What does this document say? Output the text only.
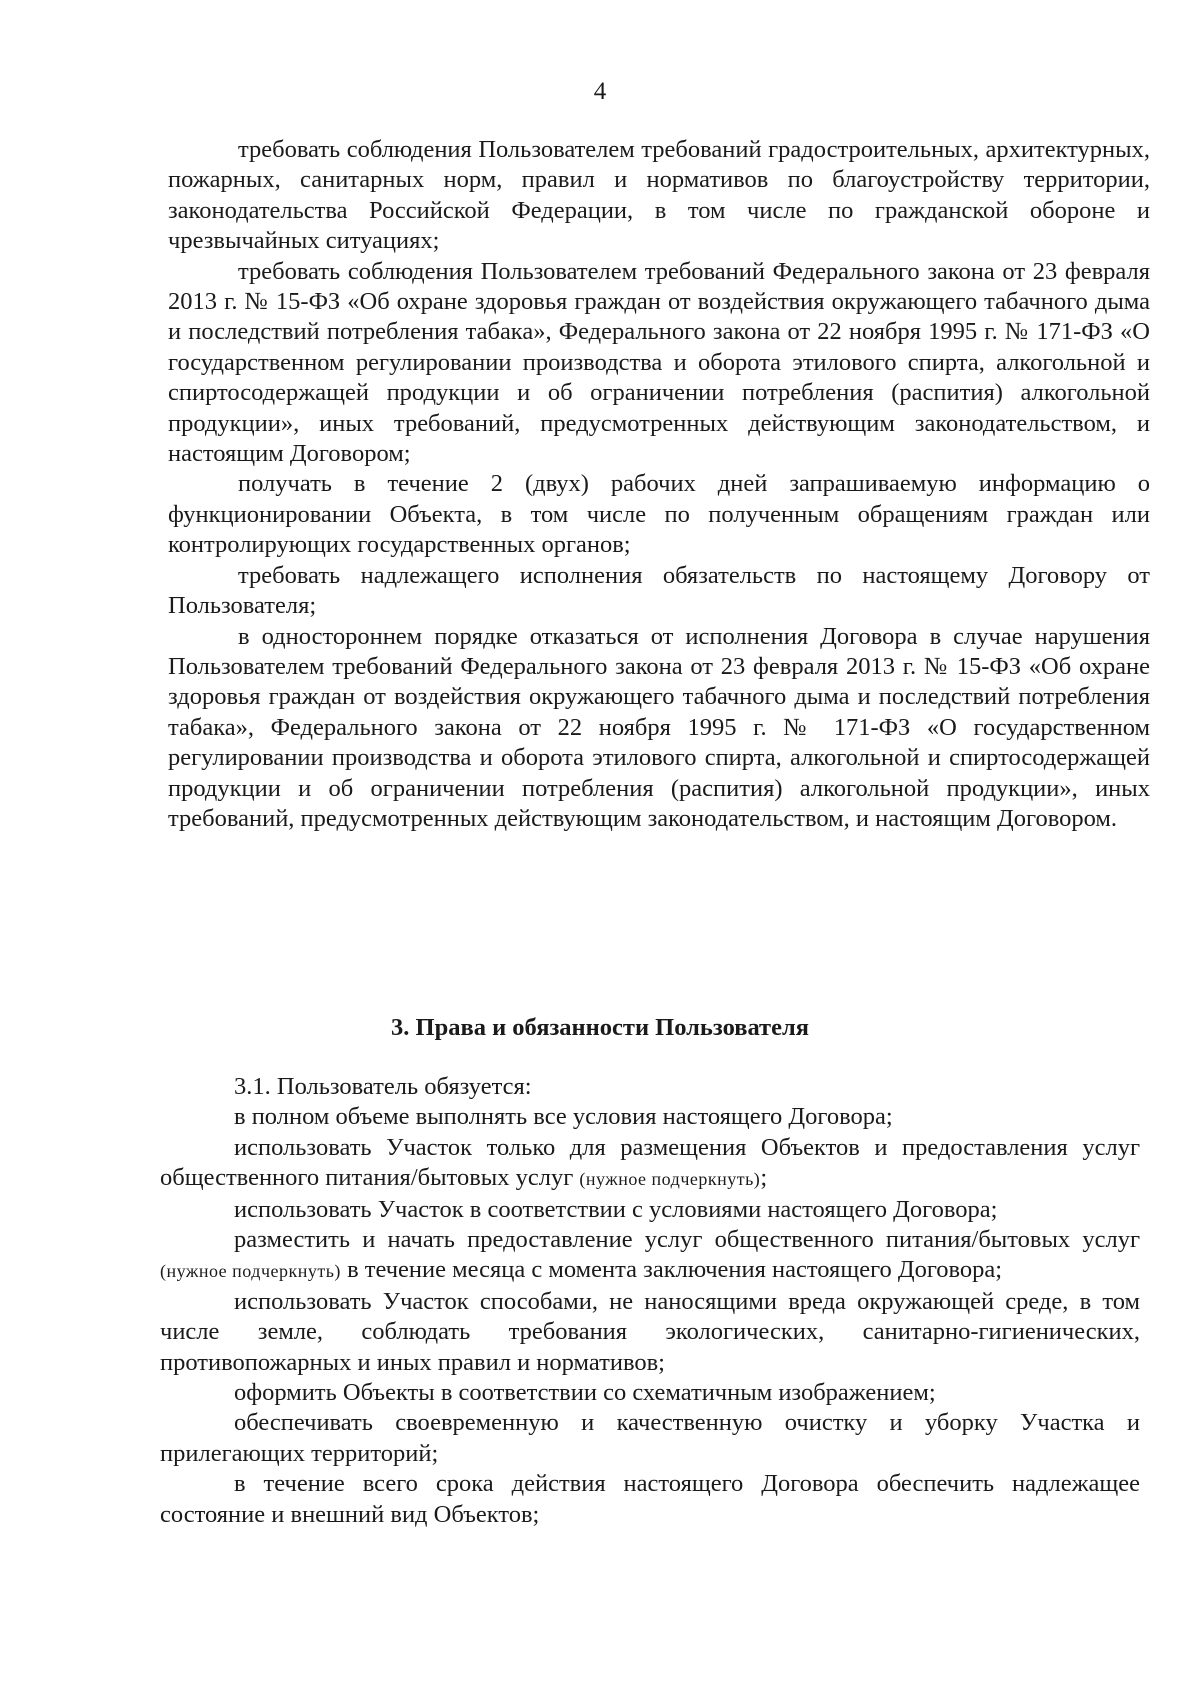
4

требовать соблюдения Пользователем требований градостроительных, архитектурных, пожарных, санитарных норм, правил и нормативов по благоустройству территории, законодательства Российской Федерации, в том числе по гражданской обороне и чрезвычайных ситуациях;

требовать соблюдения Пользователем требований Федерального закона от 23 февраля 2013 г. № 15-ФЗ «Об охране здоровья граждан от воздействия окружающего табачного дыма и последствий потребления табака», Федерального закона от 22 ноября 1995 г. № 171-ФЗ «О государственном регулировании производства и оборота этилового спирта, алкогольной и спиртосодержащей продукции и об ограничении потребления (распития) алкогольной продукции», иных требований, предусмотренных действующим законодательством, и настоящим Договором;

получать в течение 2 (двух) рабочих дней запрашиваемую информацию о функционировании Объекта, в том числе по полученным обращениям граждан или контролирующих государственных органов;

требовать надлежащего исполнения обязательств по настоящему Договору от Пользователя;

в одностороннем порядке отказаться от исполнения Договора в случае нарушения Пользователем требований Федерального закона от 23 февраля 2013 г. № 15-ФЗ «Об охране здоровья граждан от воздействия окружающего табачного дыма и последствий потребления табака», Федерального закона от 22 ноября 1995 г. № 171-ФЗ «О государственном регулировании производства и оборота этилового спирта, алкогольной и спиртосодержащей продукции и об ограничении потребления (распития) алкогольной продукции», иных требований, предусмотренных действующим законодательством, и настоящим Договором.

3. Права и обязанности Пользователя

3.1. Пользователь обязуется:

в полном объеме выполнять все условия настоящего Договора;

использовать Участок только для размещения Объектов и предоставления услуг общественного питания/бытовых услуг (нужное подчеркнуть);

использовать Участок в соответствии с условиями настоящего Договора;

разместить и начать предоставление услуг общественного питания/бытовых услуг (нужное подчеркнуть) в течение месяца с момента заключения настоящего Договора;

использовать Участок способами, не наносящими вреда окружающей среде, в том числе земле, соблюдать требования экологических, санитарно-гигиенических, противопожарных и иных правил и нормативов;

оформить Объекты в соответствии со схематичным изображением;

обеспечивать своевременную и качественную очистку и уборку Участка и прилегающих территорий;

в течение всего срока действия настоящего Договора обеспечить надлежащее состояние и внешний вид Объектов;
